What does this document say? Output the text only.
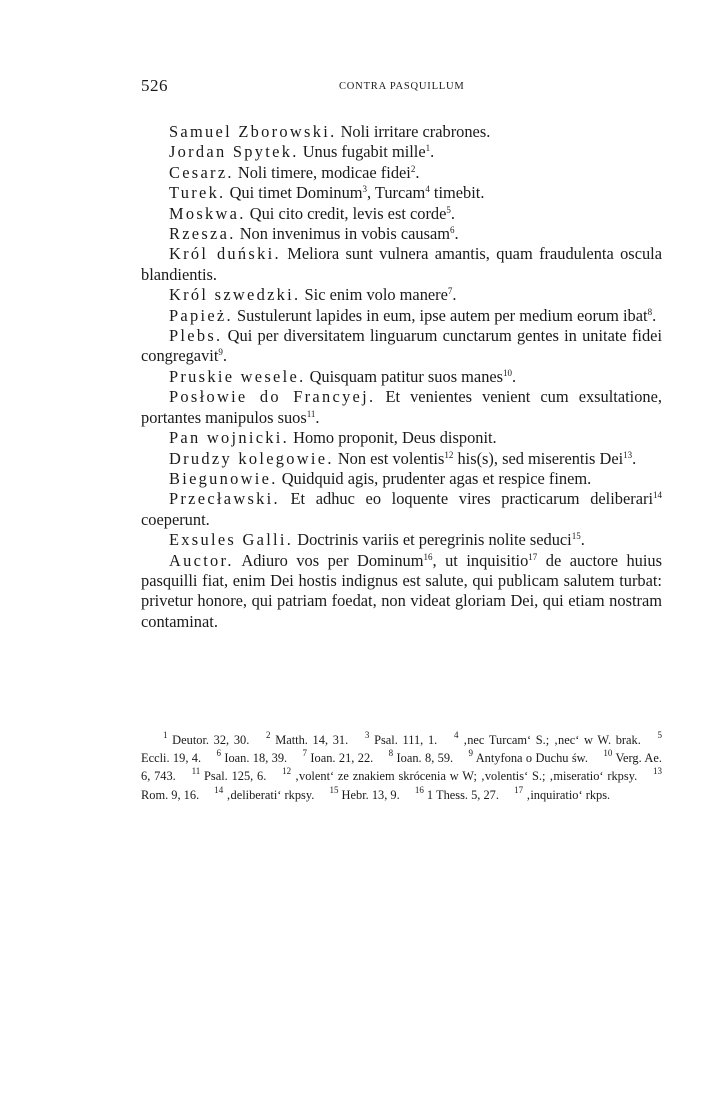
526	CONTRA PASQUILLUM

Samuel Zborowski. Noli irritare crabrones.

Jordan Spytek. Unus fugabit mille$^1$.

Cesarz. Noli timere, modicae fidei$^2$.

Turek. Qui timet Dominum$^3$, Turcam$^4$ timebit.

Moskwa. Qui cito credit, levis est corde$^5$.

Rzesza. Non invenimus in vobis causam$^6$.

Król duński. Meliora sunt vulnera amantis, quam fraudulenta oscula blandientis.

Król szwedzki. Sic enim volo manere$^7$.

Papież. Sustulerunt lapides in eum, ipse autem per medium eorum ibat$^8$.

Plebs. Qui per diversitatem linguarum cunctarum gentes in unitate fidei congregavit$^9$.

Pruskie wesele. Quisquam patitur suos manes$^{10}$.

Posłowie do Francyej. Et venientes venient cum exsultatione, portantes manipulos suos$^{11}$.

Pan wojnicki. Homo proponit, Deus disponit.

Drudzy kolegowie. Non est volentis$^{12}$ his(s), sed miserentis Dei$^{13}$.

Biegunowie. Quidquid agis, prudenter agas et respice finem.

Przecławski. Et adhuc eo loquente vires practicarum deliberari$^{14}$ coeperunt.

Exsules Galli. Doctrinis variis et peregrinis nolite seduci$^{15}$.

Auctor. Adiuro vos per Dominum$^{16}$, ut inquisitio$^{17}$ de auctore huius pasquilli fiat, enim Dei hostis indignus est salute, qui publicam salutem turbat: privetur honore, qui patriam foedat, non videat gloriam Dei, qui etiam nostram contaminat.

$^1$ Deutor. 32, 30. $^2$ Matth. 14, 31. $^3$ Psal. 111, 1. $^4$ ‚nec Turcam‘ S.; ‚nec‘ w W. brak. $^5$ Eccli. 19, 4. $^6$ Ioan. 18, 39. $^7$ Ioan. 21, 22. $^8$ Ioan. 8, 59. $^9$ Antyfona o Duchu św. $^{10}$ Verg. Ae. 6, 743. $^{11}$ Psal. 125, 6. $^{12}$ ‚volent‘ ze znakiem skrócenia w W; ‚volentis‘ S.; ‚miseratio‘ rkpsy. $^{13}$ Rom. 9, 16. $^{14}$ ‚deliberati‘ rkpsy. $^{15}$ Hebr. 13, 9. $^{16}$ 1 Thess. 5, 27. $^{17}$ ‚inquiratio‘ rkps.
